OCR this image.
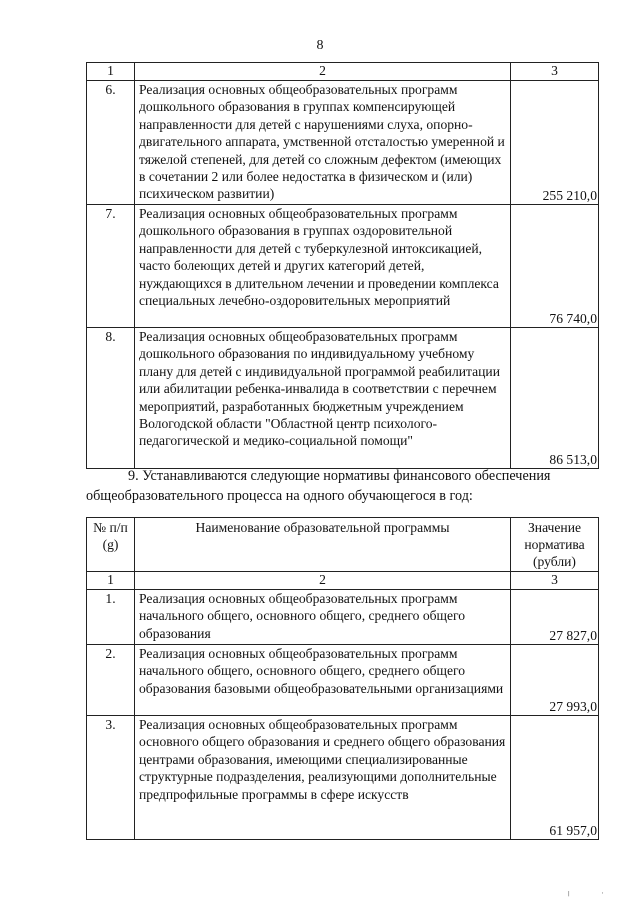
8
1	2	3
6.	Реализация основных общеобразовательных программ дошкольного образования в группах компенсирующей направленности для детей с нарушениями слуха, опорно-двигательного аппарата, умственной отсталостью умеренной и тяжелой степеней, для детей со сложным дефектом (имеющих в сочетании 2 или более недостатка в физическом и (или) психическом развитии)	255 210,0
7.	Реализация основных общеобразовательных программ дошкольного образования в группах оздоровительной направленности для детей с туберкулезной интоксикацией, часто болеющих детей и других категорий детей, нуждающихся в длительном лечении и проведении комплекса специальных лечебно-оздоровительных мероприятий	76 740,0
8.	Реализация основных общеобразовательных программ дошкольного образования по индивидуальному учебному плану для детей с индивидуальной программой реабилитации или абилитации ребенка-инвалида в соответствии с перечнем мероприятий, разработанных бюджетным учреждением Вологодской области "Областной центр психолого-педагогической и медико-социальной помощи"	86 513,0
9. Устанавливаются следующие нормативы финансового обеспечения общеобразовательного процесса на одного обучающегося в год:
№ п/п (g)	Наименование образовательной программы	Значение норматива (рубли)
1	2	3
1.	Реализация основных общеобразовательных программ начального общего, основного общего, среднего общего образования	27 827,0
2.	Реализация основных общеобразовательных программ начального общего, основного общего, среднего общего образования базовыми общеобразовательными организациями	27 993,0
3.	Реализация основных общеобразовательных программ основного общего образования и среднего общего образования центрами образования, имеющими специализированные структурные подразделения, реализующими дополнительные предпрофильные программы в сфере искусств	61 957,0
╷	·
